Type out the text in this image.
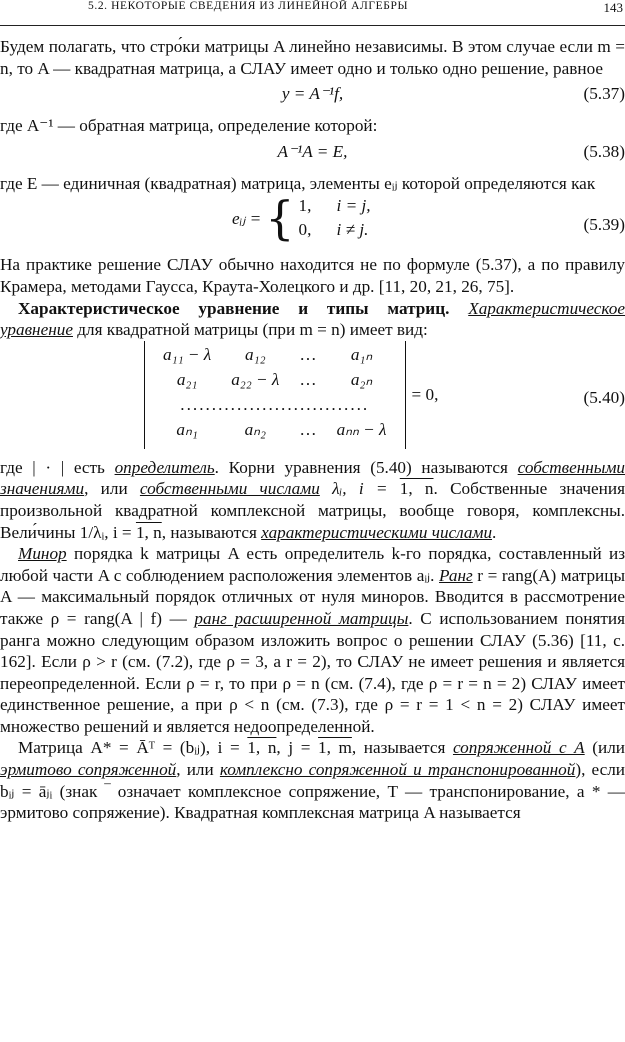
5.2. НЕКОТОРЫЕ СВЕДЕНИЯ ИЗ ЛИНЕЙНОЙ АЛГЕБРЫ	143

Будем полагать, что стро́ки матрицы A линейно независимы. В этом случае если m = n, то A — квадратная матрица, а СЛАУ имеет одно и только одно решение, равное

y = A⁻¹f,	(5.37)

где A⁻¹ — обратная матрица, определение которой:

A⁻¹A = E,	(5.38)

где E — единичная (квадратная) матрица, элементы eᵢⱼ которой определяются как

eᵢⱼ = { 1, i = j,
0, i ≠ j.	(5.39)

На практике решение СЛАУ обычно находится не по формуле (5.37), а по правилу Крамера, методами Гаусса, Краута-Холецкого и др. [11, 20, 21, 26, 75].

Характеристическое уравнение и типы матриц. Характеристическое уравнение для квадратной матрицы (при m = n) имеет вид:

a₁₁ − λ	a₁₂	…	a₁ₙ
a₂₁	a₂₂ − λ	…	a₂ₙ
..............................			
aₙ₁	aₙ₂	…	aₙₙ − λ
= 0,	(5.40)

где | · | есть определитель. Корни уравнения (5.40) называются собственными значениями, или собственными числами λᵢ, i = 1, n. Собственные значения произвольной квадратной комплексной матрицы, вообще говоря, комплексны. Вели́чины 1/λᵢ, i = 1, n, называются характеристическими числами.

Минор порядка k матрицы A есть определитель k-го порядка, составленный из любой части A с соблюдением расположения элементов aᵢⱼ. Ранг r = rang(A) матрицы A — максимальный порядок отличных от нуля миноров. Вводится в рассмотрение также ρ = rang(A | f) — ранг расширенной матрицы. С использованием понятия ранга можно следующим образом изложить вопрос о решении СЛАУ (5.36) [11, с. 162]. Если ρ > r (см. (7.2), где ρ = 3, а r = 2), то СЛАУ не имеет решения и является переопределенной. Если ρ = r, то при ρ = n (см. (7.4), где ρ = r = n = 2) СЛАУ имеет единственное решение, а при ρ < n (см. (7.3), где ρ = r = 1 < n = 2) СЛАУ имеет множество решений и является недоопределенной.

Матрица A* = Āᵀ = (bᵢⱼ), i = 1, n, j = 1, m, называется сопряженной с A (или эрмитово сопряженной, или комплексно сопряженной и транспонированной), если bᵢⱼ = āⱼᵢ (знак ‾ означает комплексное сопряжение, T — транспонирование, а * — эрмитово сопряжение). Квадратная комплексная матрица A называется
